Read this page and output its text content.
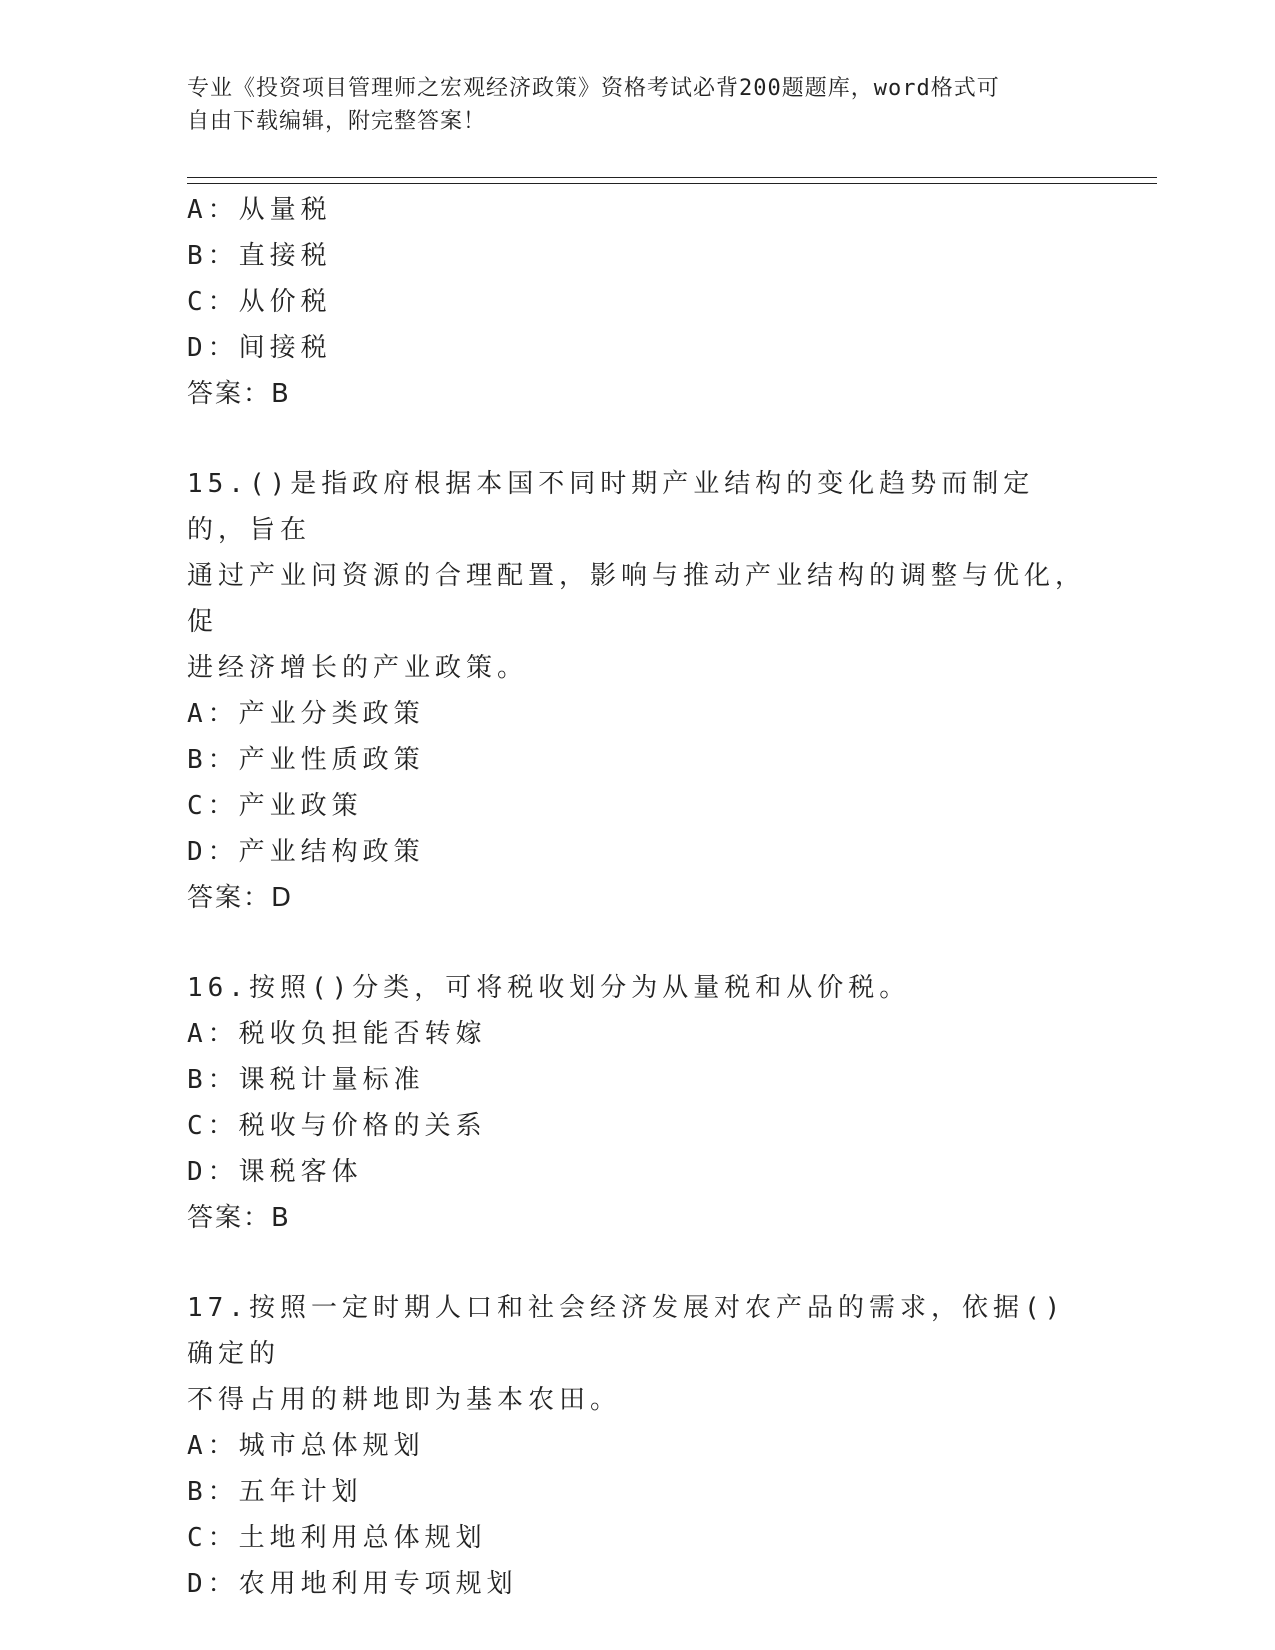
专业《投资项目管理师之宏观经济政策》资格考试必背200题题库，word格式可
自由下载编辑，附完整答案！
A：从量税
B：直接税
C：从价税
D：间接税
答案：B
15.()是指政府根据本国不同时期产业结构的变化趋势而制定的，旨在
通过产业问资源的合理配置，影响与推动产业结构的调整与优化，促
进经济增长的产业政策。
A：产业分类政策
B：产业性质政策
C：产业政策
D：产业结构政策
答案：D
16.按照()分类，可将税收划分为从量税和从价税。
A：税收负担能否转嫁
B：课税计量标准
C：税收与价格的关系
D：课税客体
答案：B
17.按照一定时期人口和社会经济发展对农产品的需求，依据()确定的
不得占用的耕地即为基本农田。
A：城市总体规划
B：五年计划
C：土地利用总体规划
D：农用地利用专项规划
